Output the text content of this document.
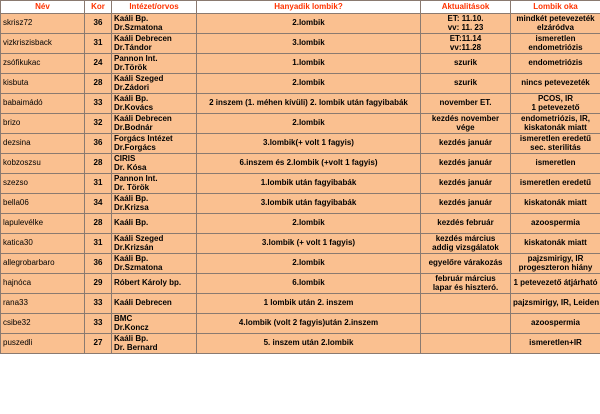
Név	Kor	Intézet/orvos	Hanyadik lombik?	Aktualitások	Lombik oka
skrisz72	36	Kaáli Bp.
Dr.Szmatona	2.lombik	ET: 11.10.
vv: 11. 23	mindkét petevezeték
elzáródva

vizkriszisback	31	Kaáli Debrecen
Dr.Tándor	3.lombik	ET:11.14
vv:11.28	ismeretlen
endometriózis

zsófikukac	24	Pannon Int.
Dr.Török	1.lombik	szurik	endometriózis

kisbuta	28	Kaáli Szeged
Dr.Zádori	2.lombik	szurik	nincs petevezeték

babaimádó	33	Kaáli Bp.
Dr.Kovács	2 inszem (1. méhen kívüli) 2. lombik után fagyibabák	november ET.	PCOS, IR
1 petevezető

brizo	32	Kaáli Debrecen
Dr.Bodnár	2.lombik	kezdés november
vége	endometriózis, IR,
kiskatonák miatt

dezsina	36	Forgács Intézet
Dr.Forgács	3.lombik(+ volt 1 fagyis)	kezdés január	ismeretlen eredetű
sec. sterilitás

kobzoszsu	28	CIRIS
Dr. Kósa	6.inszem és 2.lombik (+volt 1 fagyis)	kezdés január	ismeretlen

szezso	31	Pannon Int.
Dr. Török	1.lombik után fagyibabák	kezdés január	ismeretlen eredetű

bella06	34	Kaáli Bp.
Dr.Krizsa	3.lombik után fagyibabák	kezdés január	kiskatonák miatt

lapulevélke	28	Kaáli Bp.	2.lombik	kezdés február	azoospermia

katica30	31	Kaáli Szeged
Dr.Krizsán	3.lombik (+ volt 1 fagyis)	kezdés március
addig vizsgálatok	kiskatonák miatt

allegrobarbaro	36	Kaáli Bp.
Dr.Szmatona	2.lombik	egyelőre várakozás	pajzsmirigy, IR
progeszteron hiány

hajnóca	29	Róbert Károly bp.	6.lombik	február március
lapar és hiszteró.	1 petevezető átjárható

rana33	33	Kaáli Debrecen	1 lombik után 2. inszem		pajzsmirigy, IR, Leiden

csibe32	33	BMC
Dr.Koncz	4.lombik (volt 2 fagyis)után 2.inszem		azoospermia

puszedli	27	Kaáli Bp.
Dr. Bernard	5. inszem után 2.lombik		ismeretlen+IR
